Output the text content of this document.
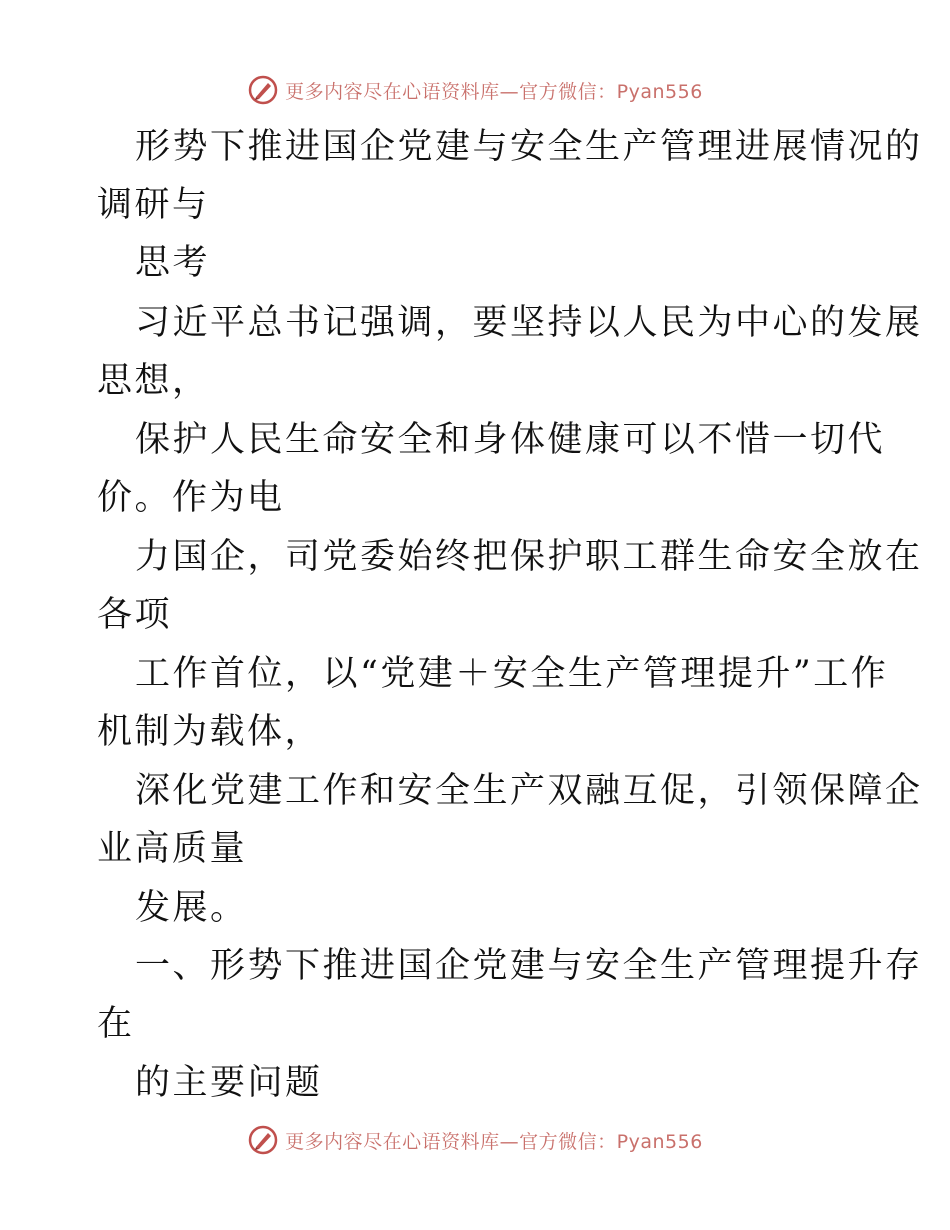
更多内容尽在心语资料库—官方微信：Pyan556
形势下推进国企党建与安全生产管理进展情况的
调研与
思考
习近平总书记强调，要坚持以人民为中心的发展
思想，
保护人民生命安全和身体健康可以不惜一切代
价。作为电
力国企，司党委始终把保护职工群生命安全放在
各项
工作首位，以“党建＋安全生产管理提升”工作
机制为载体，
深化党建工作和安全生产双融互促，引领保障企
业高质量
发展。
一、形势下推进国企党建与安全生产管理提升存
在
的主要问题
更多内容尽在心语资料库—官方微信：Pyan556
